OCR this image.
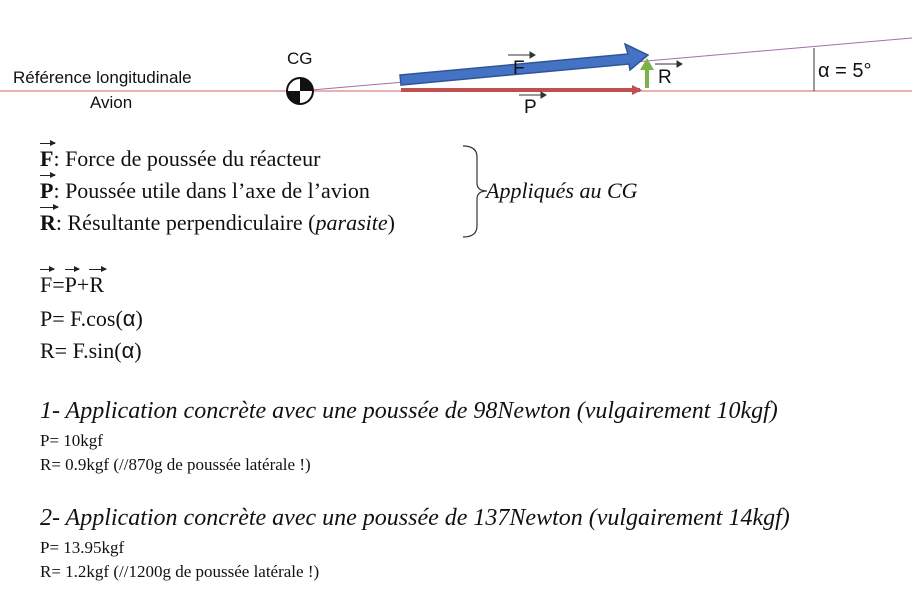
CG
Référence longitudinale
Avion
F
P
R	α = 5°
F: Force de poussée du réacteur
P: Poussée utile dans l’axe de l’avion
R: Résultante perpendiculaire (parasite)
Appliqués au CG
F=P+R
P= F.cos(α)
R= F.sin(α)
1- Application concrète avec une poussée de 98Newton (vulgairement 10kgf)
P= 10kgf
R= 0.9kgf (//870g de poussée latérale !)
2- Application concrète avec une poussée de 137Newton (vulgairement 14kgf)
P= 13.95kgf
R= 1.2kgf (//1200g de poussée latérale !)
